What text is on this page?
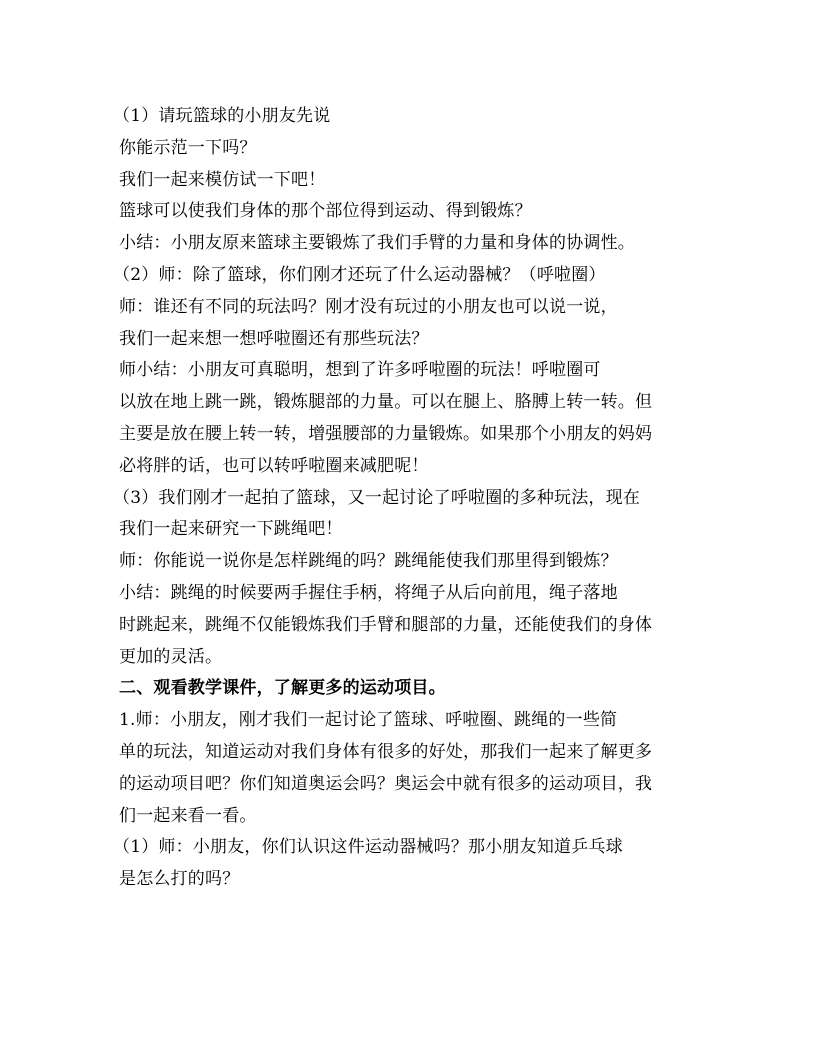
（1）请玩篮球的小朋友先说
你能示范一下吗？
我们一起来模仿试一下吧！
篮球可以使我们身体的那个部位得到运动、得到锻炼？
小结：小朋友原来篮球主要锻炼了我们手臂的力量和身体的协调性。
（2）师：除了篮球，你们刚才还玩了什么运动器械？（呼啦圈）
师：谁还有不同的玩法吗？刚才没有玩过的小朋友也可以说一说，
我们一起来想一想呼啦圈还有那些玩法？
师小结：小朋友可真聪明，想到了许多呼啦圈的玩法！呼啦圈可
以放在地上跳一跳，锻炼腿部的力量。可以在腿上、胳膊上转一转。但
主要是放在腰上转一转，增强腰部的力量锻炼。如果那个小朋友的妈妈
必将胖的话，也可以转呼啦圈来减肥呢！
（3）我们刚才一起拍了篮球，又一起讨论了呼啦圈的多种玩法，现在
我们一起来研究一下跳绳吧！
师：你能说一说你是怎样跳绳的吗？跳绳能使我们那里得到锻炼？
小结：跳绳的时候要两手握住手柄，将绳子从后向前甩，绳子落地
时跳起来，跳绳不仅能锻炼我们手臂和腿部的力量，还能使我们的身体
更加的灵活。
二、观看教学课件，了解更多的运动项目。
1.师：小朋友，刚才我们一起讨论了篮球、呼啦圈、跳绳的一些简
单的玩法，知道运动对我们身体有很多的好处，那我们一起来了解更多
的运动项目吧？你们知道奥运会吗？奥运会中就有很多的运动项目，我
们一起来看一看。
（1）师：小朋友，你们认识这件运动器械吗？那小朋友知道乒乓球
是怎么打的吗？
